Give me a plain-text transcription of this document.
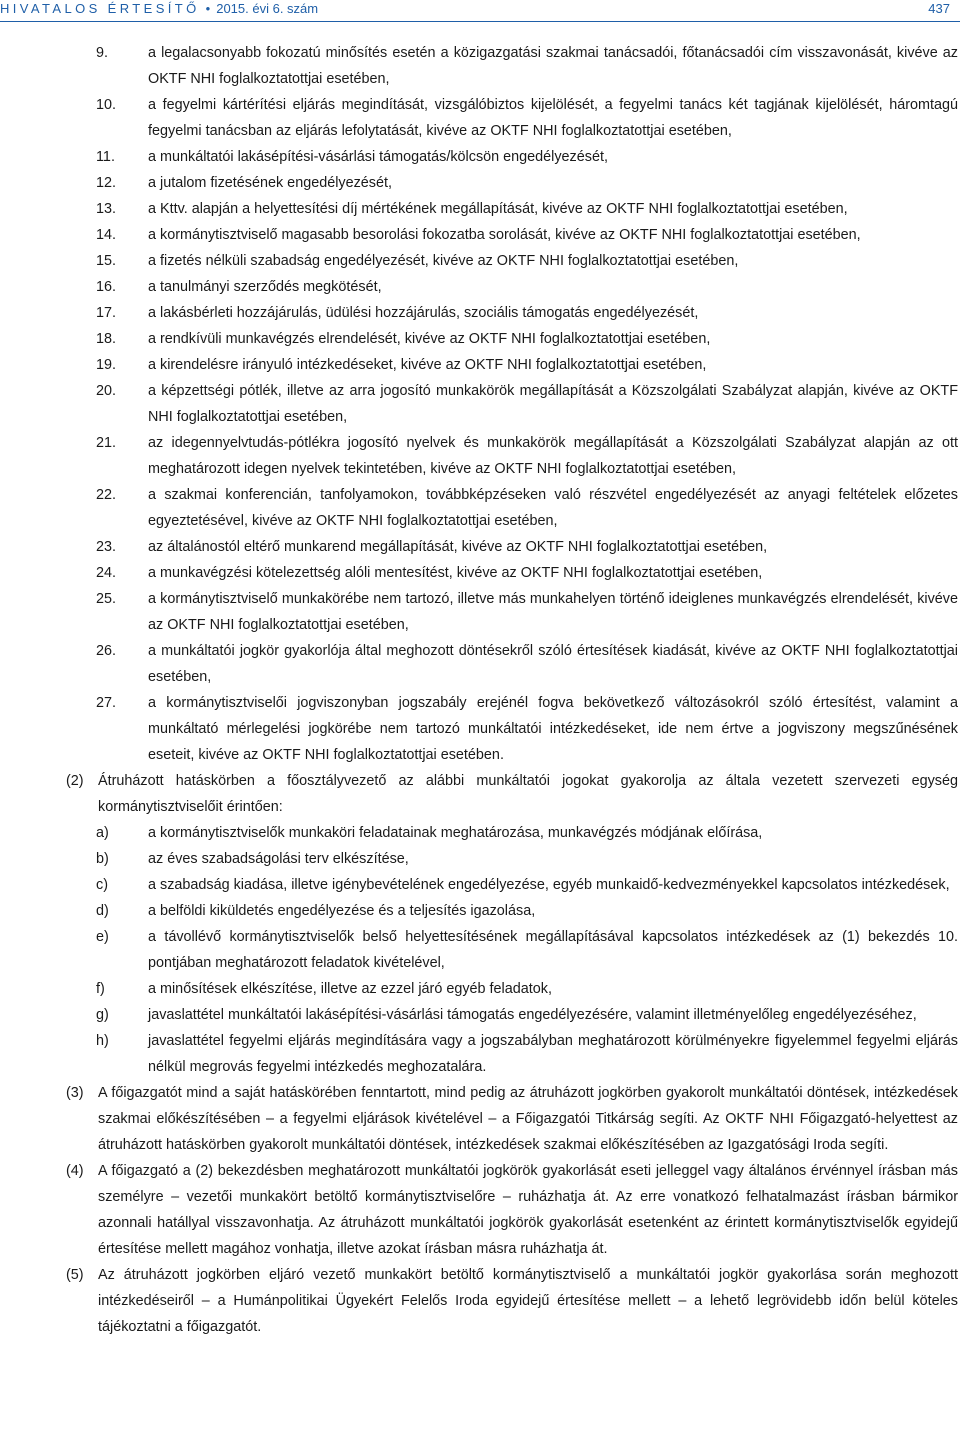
HIVATALOS ÉRTESÍTŐ • 2015. évi 6. szám	437
9.	a legalacsonyabb fokozatú minősítés esetén a közigazgatási szakmai tanácsadói, főtanácsadói cím visszavonását, kivéve az OKTF NHI foglalkoztatottjai esetében,
10. a fegyelmi kártérítési eljárás megindítását, vizsgálóbiztos kijelölését, a fegyelmi tanács két tagjának kijelölését, háromtagú fegyelmi tanácsban az eljárás lefolytatását, kivéve az OKTF NHI foglalkoztatottjai esetében,
11. a munkáltatói lakásépítési-vásárlási támogatás/kölcsön engedélyezését,
12. a jutalom fizetésének engedélyezését,
13. a Kttv. alapján a helyettesítési díj mértékének megállapítását, kivéve az OKTF NHI foglalkoztatottjai esetében,
14. a kormánytisztviselő magasabb besorolási fokozatba sorolását, kivéve az OKTF NHI foglalkoztatottjai esetében,
15. a fizetés nélküli szabadság engedélyezését, kivéve az OKTF NHI foglalkoztatottjai esetében,
16. a tanulmányi szerződés megkötését,
17. a lakásbérleti hozzájárulás, üdülési hozzájárulás, szociális támogatás engedélyezését,
18. a rendkívüli munkavégzés elrendelését, kivéve az OKTF NHI foglalkoztatottjai esetében,
19. a kirendelésre irányuló intézkedéseket, kivéve az OKTF NHI foglalkoztatottjai esetében,
20. a képzettségi pótlék, illetve az arra jogosító munkakörök megállapítását a Közszolgálati Szabályzat alapján, kivéve az OKTF NHI foglalkoztatottjai esetében,
21. az idegennyelvtudás-pótlékra jogosító nyelvek és munkakörök megállapítását a Közszolgálati Szabályzat alapján az ott meghatározott idegen nyelvek tekintetében, kivéve az OKTF NHI foglalkoztatottjai esetében,
22. a szakmai konferencián, tanfolyamokon, továbbképzéseken való részvétel engedélyezését az anyagi feltételek előzetes egyeztetésével, kivéve az OKTF NHI foglalkoztatottjai esetében,
23. az általánostól eltérő munkarend megállapítását, kivéve az OKTF NHI foglalkoztatottjai esetében,
24. a munkavégzési kötelezettség alóli mentesítést, kivéve az OKTF NHI foglalkoztatottjai esetében,
25. a kormánytisztviselő munkakörébe nem tartozó, illetve más munkahelyen történő ideiglenes munkavégzés elrendelését, kivéve az OKTF NHI foglalkoztatottjai esetében,
26. a munkáltatói jogkör gyakorlója által meghozott döntésekről szóló értesítések kiadását, kivéve az OKTF NHI foglalkoztatottjai esetében,
27. a kormánytisztviselői jogviszonyban jogszabály erejénél fogva bekövetkező változásokról szóló értesítést, valamint a munkáltató mérlegelési jogkörébe nem tartozó munkáltatói intézkedéseket, ide nem értve a jogviszony megszűnésének eseteit, kivéve az OKTF NHI foglalkoztatottjai esetében.
(2) Átruházott hatáskörben a főosztályvezető az alábbi munkáltatói jogokat gyakorolja az általa vezetett szervezeti egység kormánytisztviselőit érintően:
a)	a kormánytisztviselők munkaköri feladatainak meghatározása, munkavégzés módjának előírása,
b)	az éves szabadságolási terv elkészítése,
c)	a szabadság kiadása, illetve igénybevételének engedélyezése, egyéb munkaidő-kedvezményekkel kapcsolatos intézkedések,
d)	a belföldi kiküldetés engedélyezése és a teljesítés igazolása,
e)	a távollévő kormánytisztviselők belső helyettesítésének megállapításával kapcsolatos intézkedések az (1) bekezdés 10. pontjában meghatározott feladatok kivételével,
f)	a minősítések elkészítése, illetve az ezzel járó egyéb feladatok,
g)	javaslattétel munkáltatói lakásépítési-vásárlási támogatás engedélyezésére, valamint illetményelőleg engedélyezéséhez,
h)	javaslattétel fegyelmi eljárás megindítására vagy a jogszabályban meghatározott körülményekre figyelemmel fegyelmi eljárás nélkül megrovás fegyelmi intézkedés meghozatalára.
(3) A főigazgatót mind a saját hatáskörében fenntartott, mind pedig az átruházott jogkörben gyakorolt munkáltatói döntések, intézkedések szakmai előkészítésében – a fegyelmi eljárások kivételével – a Főigazgatói Titkárság segíti. Az OKTF NHI Főigazgató-helyettest az átruházott hatáskörben gyakorolt munkáltatói döntések, intézkedések szakmai előkészítésében az Igazgatósági Iroda segíti.
(4) A főigazgató a (2) bekezdésben meghatározott munkáltatói jogkörök gyakorlását eseti jelleggel vagy általános érvénnyel írásban más személyre – vezetői munkakört betöltő kormánytisztviselőre – ruházhatja át. Az erre vonatkozó felhatalmazást írásban bármikor azonnali hatállyal visszavonhatja. Az átruházott munkáltatói jogkörök gyakorlását esetenként az érintett kormánytisztviselők egyidejű értesítése mellett magához vonhatja, illetve azokat írásban másra ruházhatja át.
(5) Az átruházott jogkörben eljáró vezető munkakört betöltő kormánytisztviselő a munkáltatói jogkör gyakorlása során meghozott intézkedéseiről – a Humánpolitikai Ügyekért Felelős Iroda egyidejű értesítése mellett – a lehető legrövidebb időn belül köteles tájékoztatni a főigazgatót.
